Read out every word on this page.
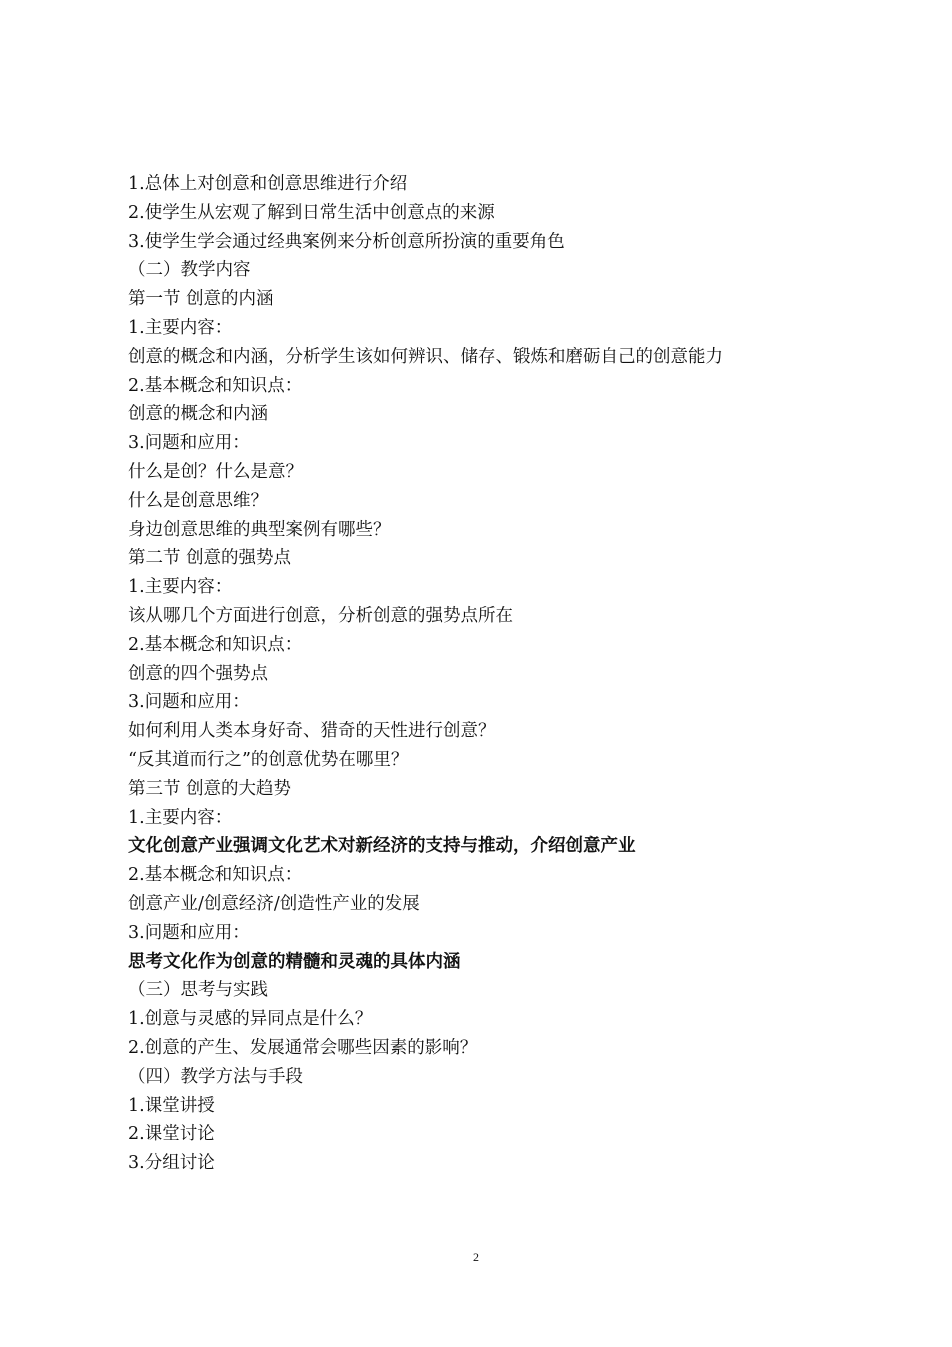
1.总体上对创意和创意思维进行介绍
2.使学生从宏观了解到日常生活中创意点的来源
3.使学生学会通过经典案例来分析创意所扮演的重要角色
（二）教学内容
第一节 创意的内涵
1.主要内容：
创意的概念和内涵，分析学生该如何辨识、储存、锻炼和磨砺自己的创意能力
2.基本概念和知识点：
创意的概念和内涵
3.问题和应用：
什么是创？什么是意？
什么是创意思维？
身边创意思维的典型案例有哪些？
第二节 创意的强势点
1.主要内容：
该从哪几个方面进行创意，分析创意的强势点所在
2.基本概念和知识点：
创意的四个强势点
3.问题和应用：
如何利用人类本身好奇、猎奇的天性进行创意？
“反其道而行之”的创意优势在哪里？
第三节 创意的大趋势
1.主要内容：
文化创意产业强调文化艺术对新经济的支持与推动，介绍创意产业
2.基本概念和知识点：
创意产业/创意经济/创造性产业的发展
3.问题和应用：
思考文化作为创意的精髓和灵魂的具体内涵
（三）思考与实践
1.创意与灵感的异同点是什么？
2.创意的产生、发展通常会哪些因素的影响？
（四）教学方法与手段
1.课堂讲授
2.课堂讨论
3.分组讨论
2
